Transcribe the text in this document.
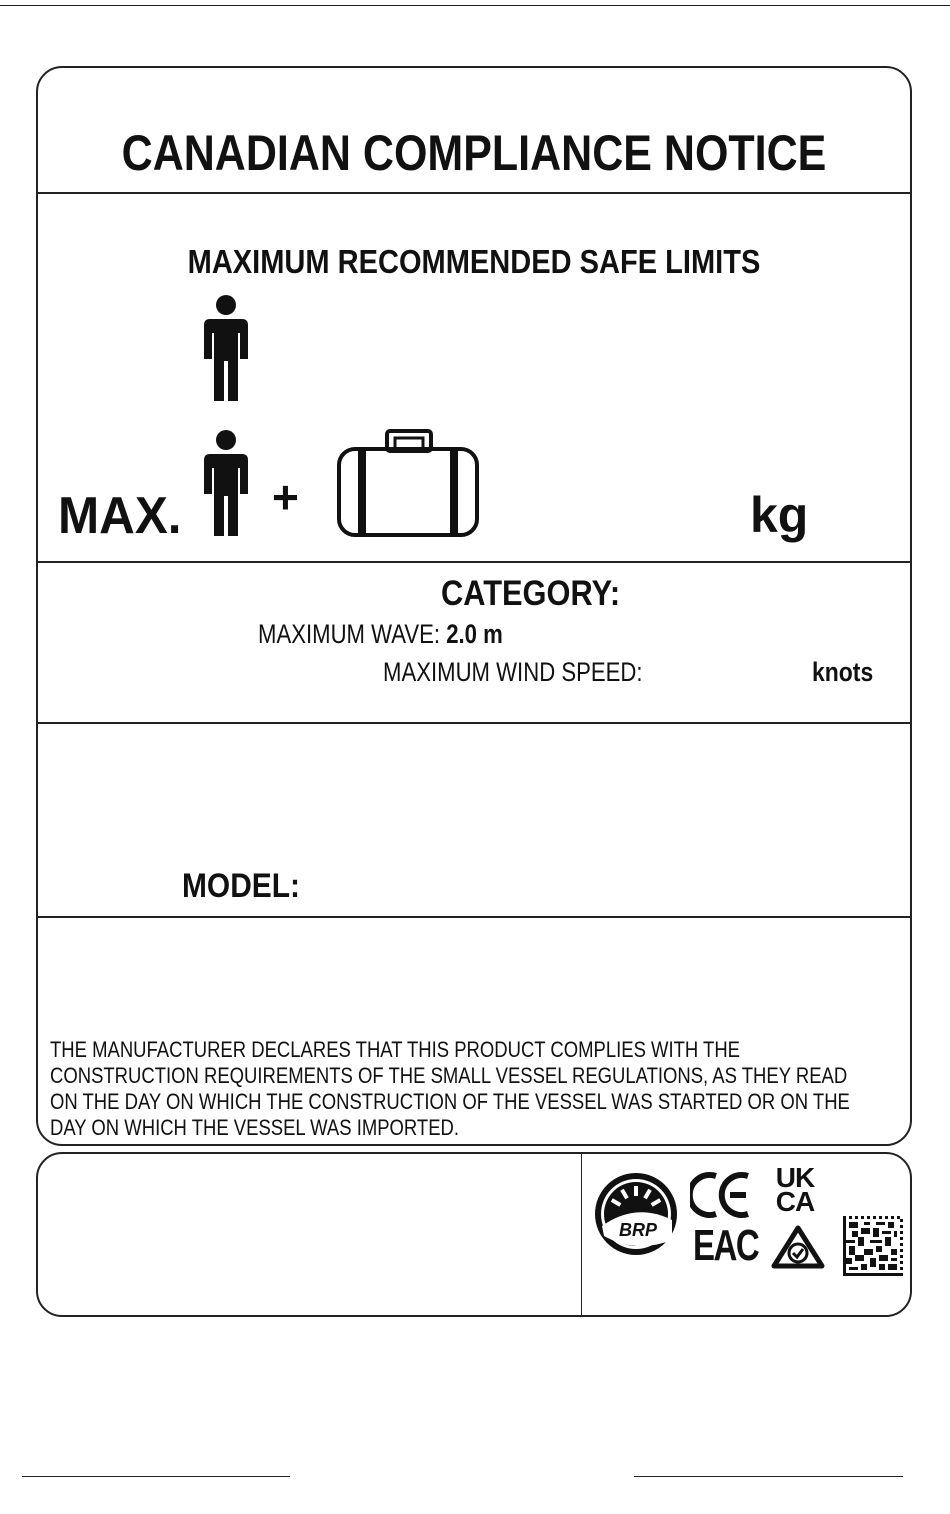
CANADIAN COMPLIANCE NOTICE
MAXIMUM RECOMMENDED SAFE LIMITS
MAX. +	kg
CATEGORY:
MAXIMUM WAVE: 2.0 m
MAXIMUM WIND SPEED:	knots
MODEL:
THE MANUFACTURER DECLARES THAT THIS PRODUCT COMPLIES WITH THE
CONSTRUCTION REQUIREMENTS OF THE SMALL VESSEL REGULATIONS, AS THEY READ
ON THE DAY ON WHICH THE CONSTRUCTION OF THE VESSEL WAS STARTED OR ON THE
DAY ON WHICH THE VESSEL WAS IMPORTED.
BRP
UK
CA
EAC
